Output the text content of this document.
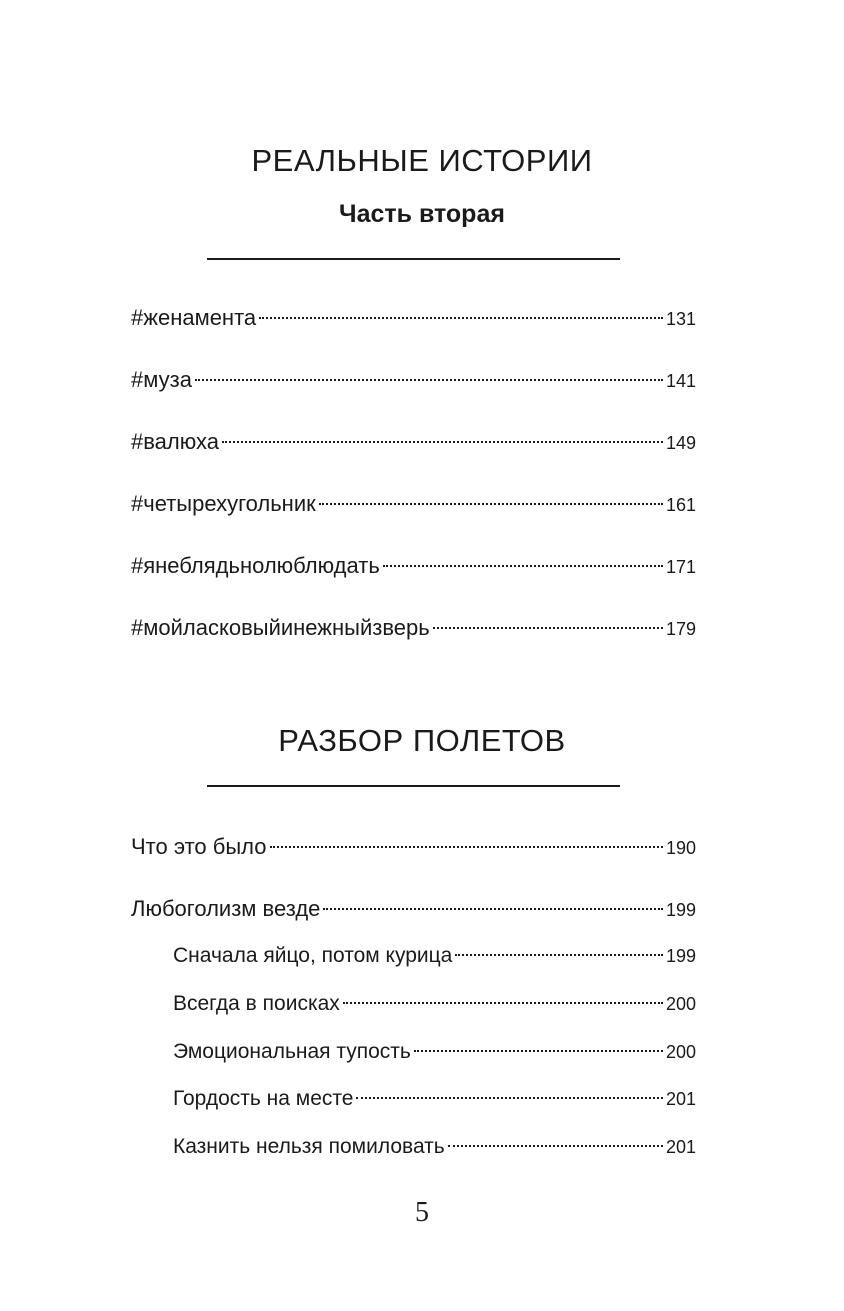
РЕАЛЬНЫЕ ИСТОРИИ
Часть вторая
#женамента	131
#муза	141
#валюха	149
#четырехугольник	161
#янеблядьнолюблюдать	171
#мойласковыйинежныйзверь	179
РАЗБОР ПОЛЕТОВ
Что это было	190
Любоголизм везде	199
Сначала яйцо, потом курица	199
Всегда в поисках	200
Эмоциональная тупость	200
Гордость на месте	201
Казнить нельзя помиловать	201
5
